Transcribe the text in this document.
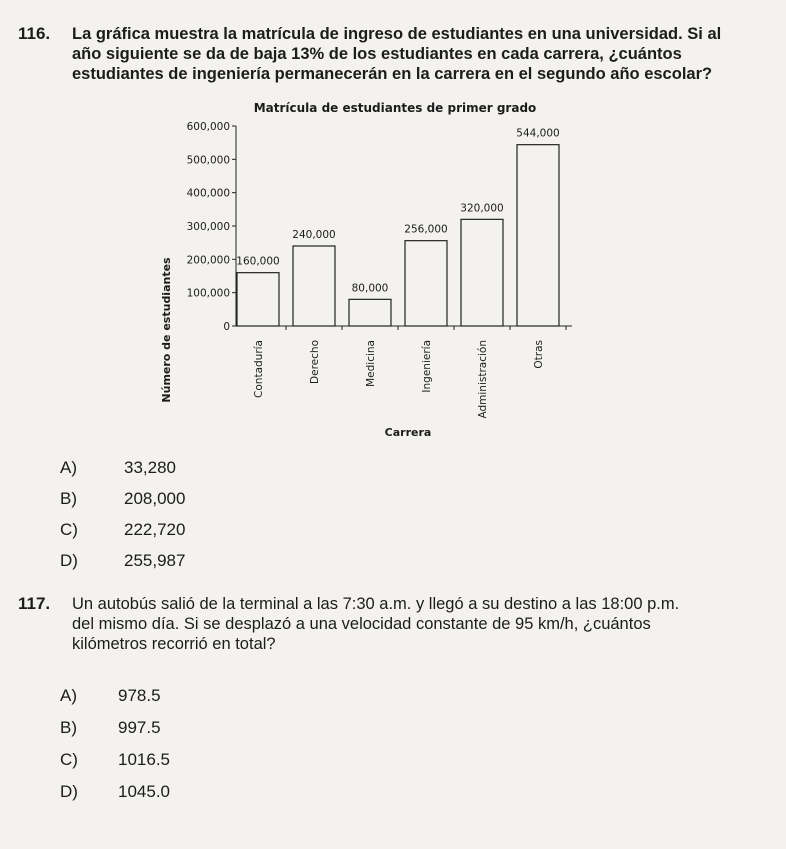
116. La gráfica muestra la matrícula de ingreso de estudiantes en una universidad. Si al
año siguiente se da de baja 13% de los estudiantes en cada carrera, ¿cuántos
estudiantes de ingeniería permanecerán en la carrera en el segundo año escolar?
Matrícula de estudiantes de primer grado
Número de estudiantes
Carrera
0
100,000
200,000
300,000
400,000
500,000
600,000
160,000
240,000
80,000
256,000
320,000
544,000
Contaduría	Derecho	Medicina	Ingeniería	Administración	Otras
A)	33,280
B)	208,000
C)	222,720
D)	255,987
117. Un autobús salió de la terminal a las 7:30 a.m. y llegó a su destino a las 18:00 p.m.
del mismo día. Si se desplazó a una velocidad constante de 95 km/h, ¿cuántos
kilómetros recorrió en total?
A) 978.5
B) 997.5
C) 1016.5
D) 1045.0
